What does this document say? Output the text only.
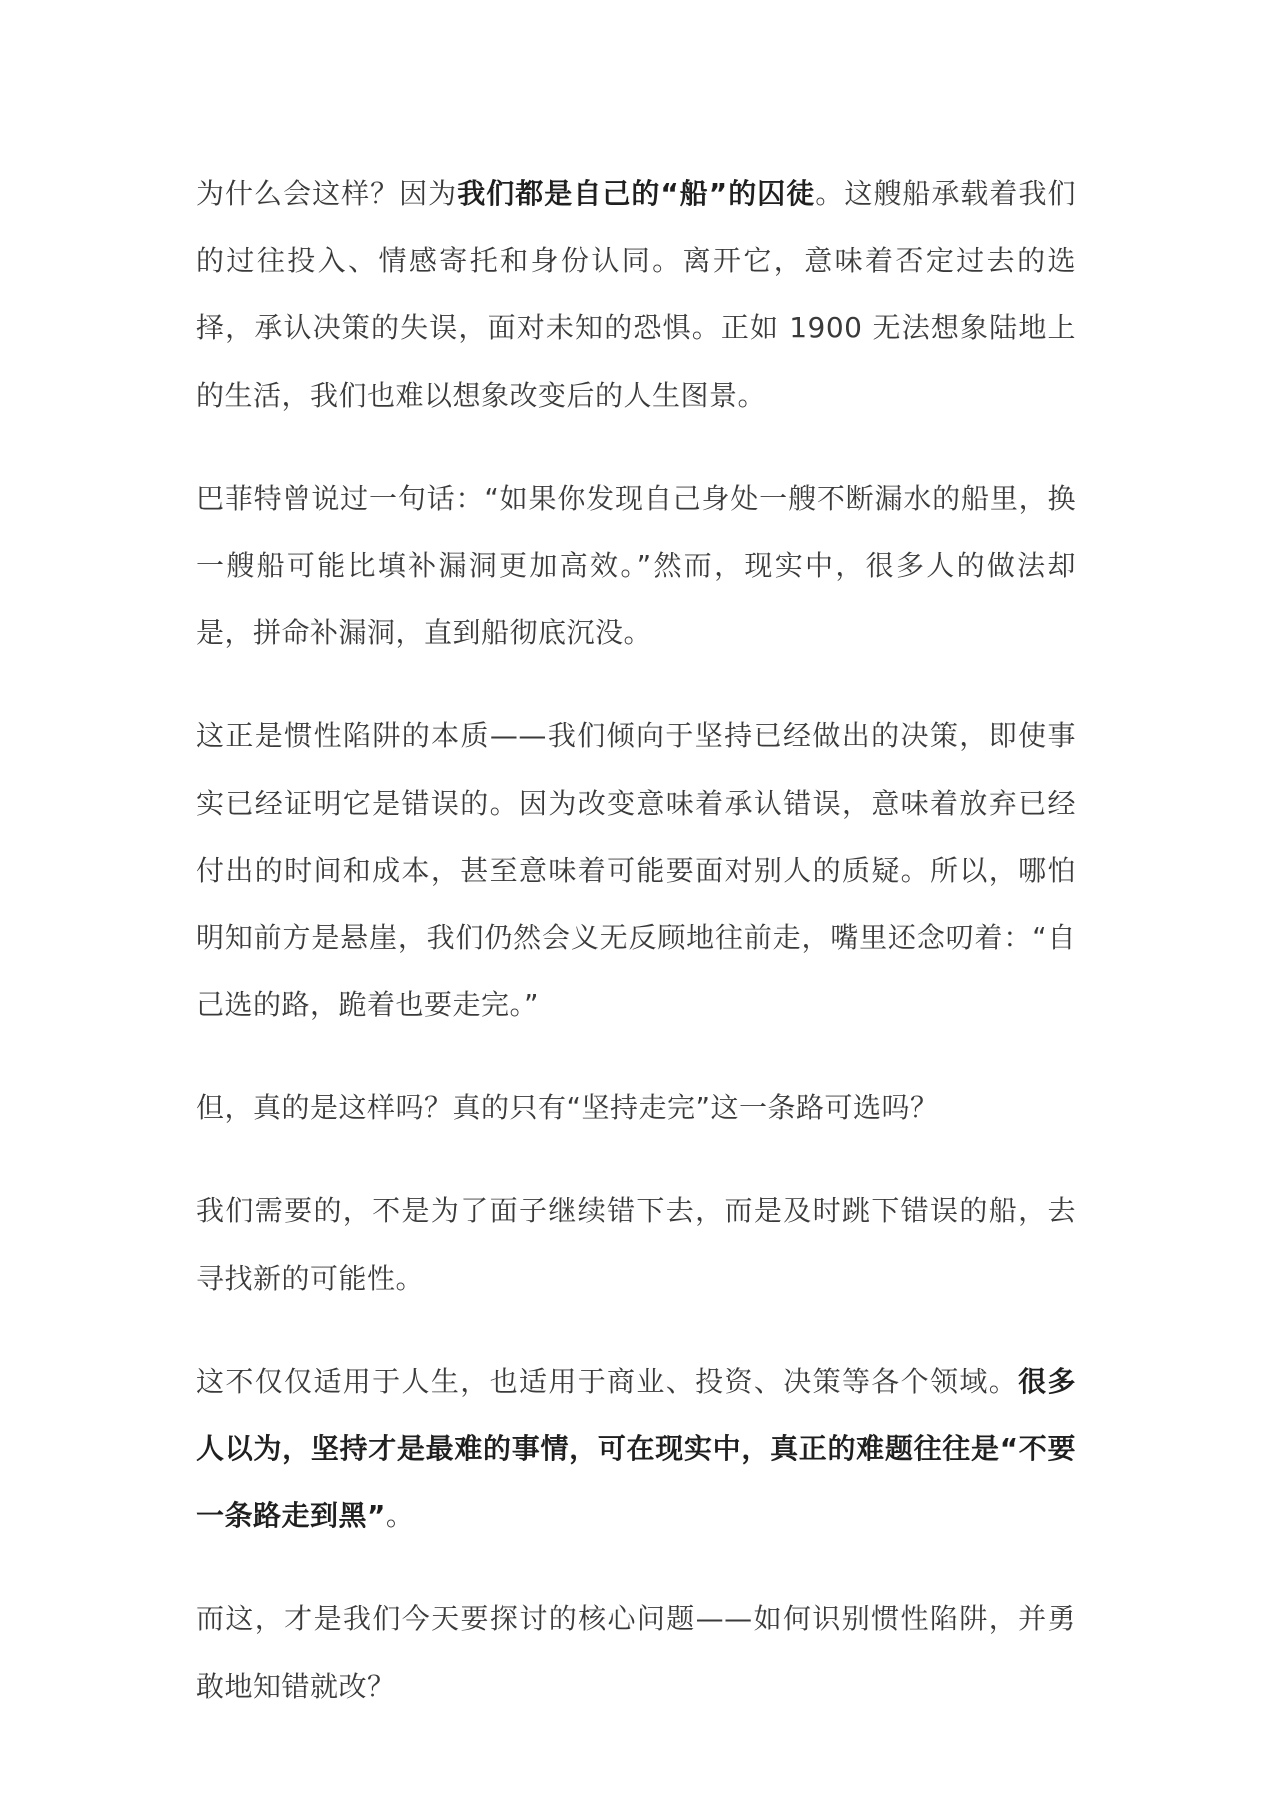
为什么会这样？因为我们都是自己的“船”的囚徒。这艘船承载着我们的过往投入、情感寄托和身份认同。离开它，意味着否定过去的选择，承认决策的失误，面对未知的恐惧。正如 1900 无法想象陆地上的生活，我们也难以想象改变后的人生图景。

巴菲特曾说过一句话：“如果你发现自己身处一艘不断漏水的船里，换一艘船可能比填补漏洞更加高效。”然而，现实中，很多人的做法却是，拼命补漏洞，直到船彻底沉没。

这正是惯性陷阱的本质——我们倾向于坚持已经做出的决策，即使事实已经证明它是错误的。因为改变意味着承认错误，意味着放弃已经付出的时间和成本，甚至意味着可能要面对别人的质疑。所以，哪怕明知前方是悬崖，我们仍然会义无反顾地往前走，嘴里还念叨着：“自己选的路，跪着也要走完。”

但，真的是这样吗？真的只有“坚持走完”这一条路可选吗？

我们需要的，不是为了面子继续错下去，而是及时跳下错误的船，去寻找新的可能性。

这不仅仅适用于人生，也适用于商业、投资、决策等各个领域。很多人以为，坚持才是最难的事情，可在现实中，真正的难题往往是“不要一条路走到黑”。

而这，才是我们今天要探讨的核心问题——如何识别惯性陷阱，并勇敢地知错就改？
